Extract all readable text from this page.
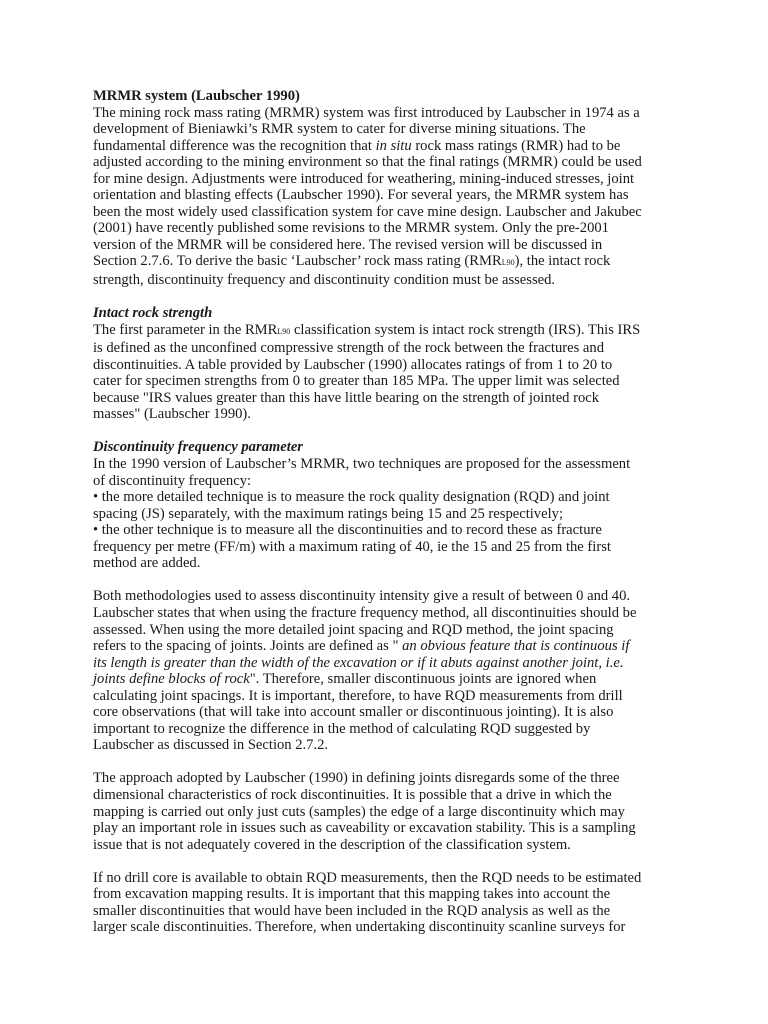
MRMR system (Laubscher 1990)
The mining rock mass rating (MRMR) system was first introduced by Laubscher in 1974 as a
development of Bieniawki’s RMR system to cater for diverse mining situations. The
fundamental difference was the recognition that in situ rock mass ratings (RMR) had to be
adjusted according to the mining environment so that the final ratings (MRMR) could be used
for mine design. Adjustments were introduced for weathering, mining-induced stresses, joint
orientation and blasting effects (Laubscher 1990). For several years, the MRMR system has
been the most widely used classification system for cave mine design. Laubscher and Jakubec
(2001) have recently published some revisions to the MRMR system. Only the pre-2001
version of the MRMR will be considered here. The revised version will be discussed in
Section 2.7.6. To derive the basic ‘Laubscher’ rock mass rating (RMRL90), the intact rock
strength, discontinuity frequency and discontinuity condition must be assessed.
Intact rock strength
The first parameter in the RMRL90 classification system is intact rock strength (IRS). This IRS
is defined as the unconfined compressive strength of the rock between the fractures and
discontinuities. A table provided by Laubscher (1990) allocates ratings of from 1 to 20 to
cater for specimen strengths from 0 to greater than 185 MPa. The upper limit was selected
because "IRS values greater than this have little bearing on the strength of jointed rock
masses" (Laubscher 1990).
Discontinuity frequency parameter
In the 1990 version of Laubscher’s MRMR, two techniques are proposed for the assessment
of discontinuity frequency:
• the more detailed technique is to measure the rock quality designation (RQD) and joint
spacing (JS) separately, with the maximum ratings being 15 and 25 respectively;
• the other technique is to measure all the discontinuities and to record these as fracture
frequency per metre (FF/m) with a maximum rating of 40, ie the 15 and 25 from the first
method are added.
Both methodologies used to assess discontinuity intensity give a result of between 0 and 40.
Laubscher states that when using the fracture frequency method, all discontinuities should be
assessed. When using the more detailed joint spacing and RQD method, the joint spacing
refers to the spacing of joints. Joints are defined as " an obvious feature that is continuous if
its length is greater than the width of the excavation or if it abuts against another joint, i.e.
joints define blocks of rock". Therefore, smaller discontinuous joints are ignored when
calculating joint spacings. It is important, therefore, to have RQD measurements from drill
core observations (that will take into account smaller or discontinuous jointing). It is also
important to recognize the difference in the method of calculating RQD suggested by
Laubscher as discussed in Section 2.7.2.
The approach adopted by Laubscher (1990) in defining joints disregards some of the three
dimensional characteristics of rock discontinuities. It is possible that a drive in which the
mapping is carried out only just cuts (samples) the edge of a large discontinuity which may
play an important role in issues such as caveability or excavation stability. This is a sampling
issue that is not adequately covered in the description of the classification system.
If no drill core is available to obtain RQD measurements, then the RQD needs to be estimated
from excavation mapping results. It is important that this mapping takes into account the
smaller discontinuities that would have been included in the RQD analysis as well as the
larger scale discontinuities. Therefore, when undertaking discontinuity scanline surveys for
